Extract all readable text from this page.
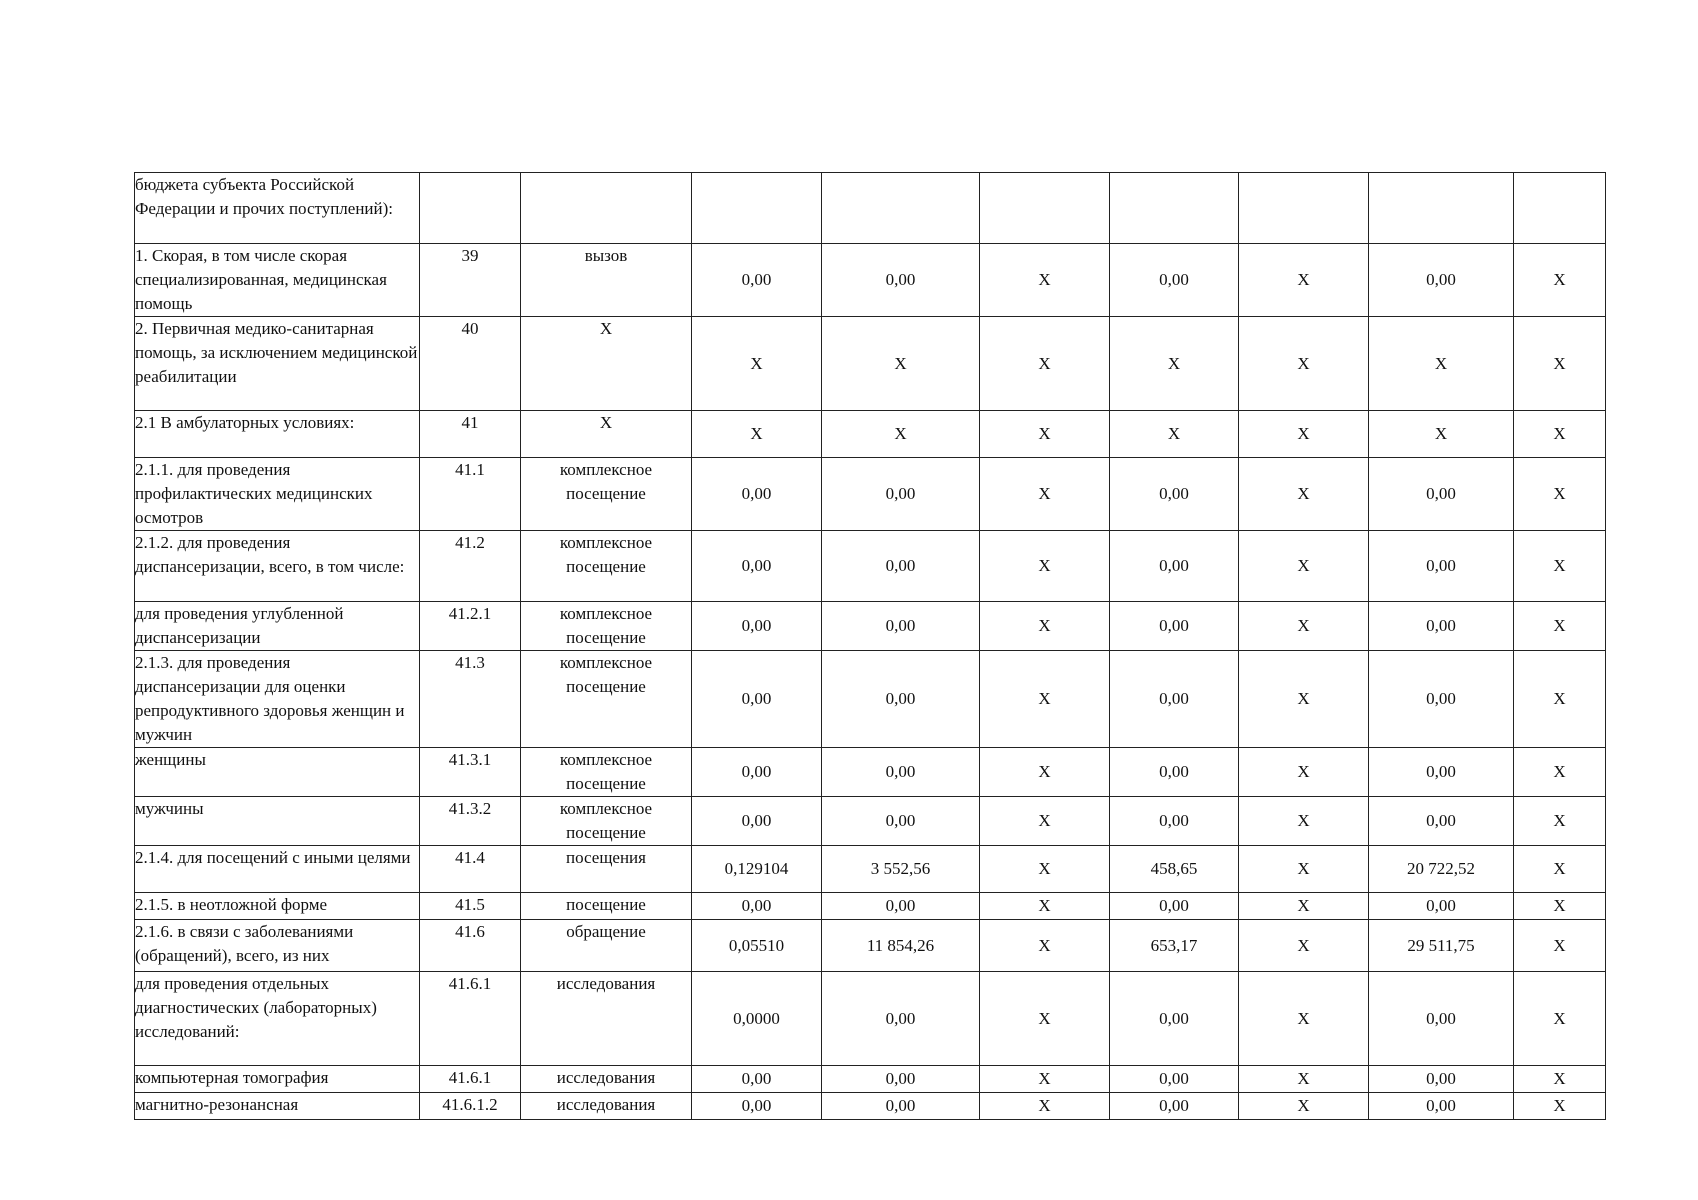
бюджета субъекта Российской Федерации и прочих поступлений):									
1. Скорая, в том числе скорая специализированная, медицинская помощь	39	вызов	0,00	0,00	X	0,00	X	0,00	X
2. Первичная медико-санитарная помощь, за исключением медицинской реабилитации	40	X	X	X	X	X	X	X	X
2.1 В амбулаторных условиях:	41	X	X	X	X	X	X	X	X
2.1.1. для проведения профилактических медицинских осмотров	41.1	комплексное посещение	0,00	0,00	X	0,00	X	0,00	X
2.1.2. для проведения диспансеризации, всего, в том числе:	41.2	комплексное посещение	0,00	0,00	X	0,00	X	0,00	X
для проведения углубленной диспансеризации	41.2.1	комплексное посещение	0,00	0,00	X	0,00	X	0,00	X
2.1.3. для проведения диспансеризации для оценки репродуктивного здоровья женщин и мужчин	41.3	комплексное посещение	0,00	0,00	X	0,00	X	0,00	X
женщины	41.3.1	комплексное посещение	0,00	0,00	X	0,00	X	0,00	X
мужчины	41.3.2	комплексное посещение	0,00	0,00	X	0,00	X	0,00	X
2.1.4. для посещений с иными целями	41.4	посещения	0,129104	3 552,56	X	458,65	X	20 722,52	X
2.1.5. в неотложной форме	41.5	посещение	0,00	0,00	X	0,00	X	0,00	X
2.1.6. в связи с заболеваниями (обращений), всего, из них	41.6	обращение	0,05510	11 854,26	X	653,17	X	29 511,75	X
для проведения отдельных диагностических (лабораторных) исследований:	41.6.1	исследования	0,0000	0,00	X	0,00	X	0,00	X
компьютерная томография	41.6.1	исследования	0,00	0,00	X	0,00	X	0,00	X
магнитно-резонансная	41.6.1.2	исследования	0,00	0,00	X	0,00	X	0,00	X
